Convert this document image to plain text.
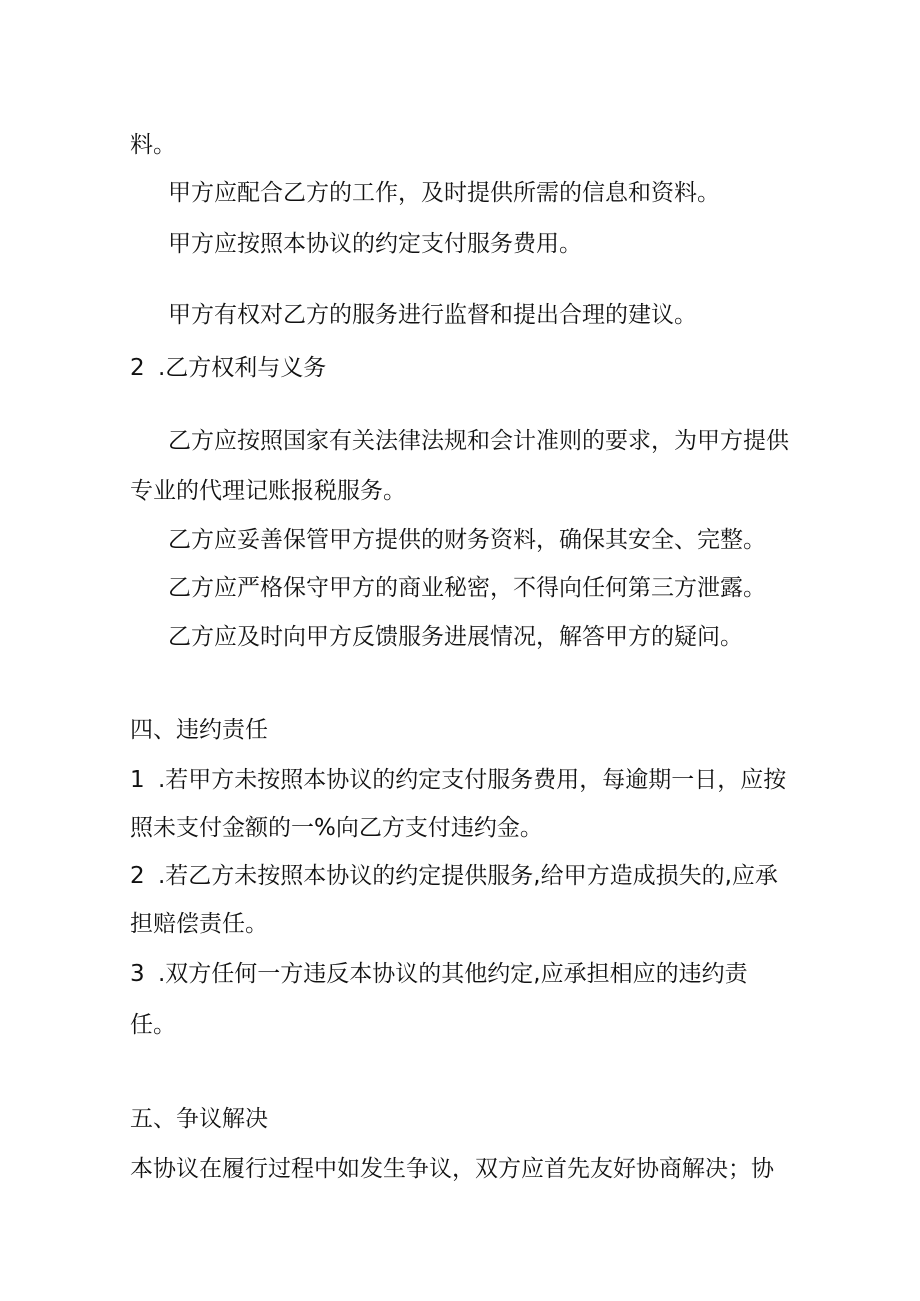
料。
甲方应配合乙方的工作，及时提供所需的信息和资料。
甲方应按照本协议的约定支付服务费用。
甲方有权对乙方的服务进行监督和提出合理的建议。
2 .乙方权利与义务
乙方应按照国家有关法律法规和会计准则的要求，为甲方提供
专业的代理记账报税服务。
乙方应妥善保管甲方提供的财务资料，确保其安全、完整。
乙方应严格保守甲方的商业秘密，不得向任何第三方泄露。
乙方应及时向甲方反馈服务进展情况，解答甲方的疑问。
四、违约责任
1 .若甲方未按照本协议的约定支付服务费用，每逾期一日，应按
照未支付金额的一%向乙方支付违约金。
2 .若乙方未按照本协议的约定提供服务,给甲方造成损失的,应承
担赔偿责任。
3 .双方任何一方违反本协议的其他约定,应承担相应的违约责
任。
五、争议解决
本协议在履行过程中如发生争议，双方应首先友好协商解决；协
